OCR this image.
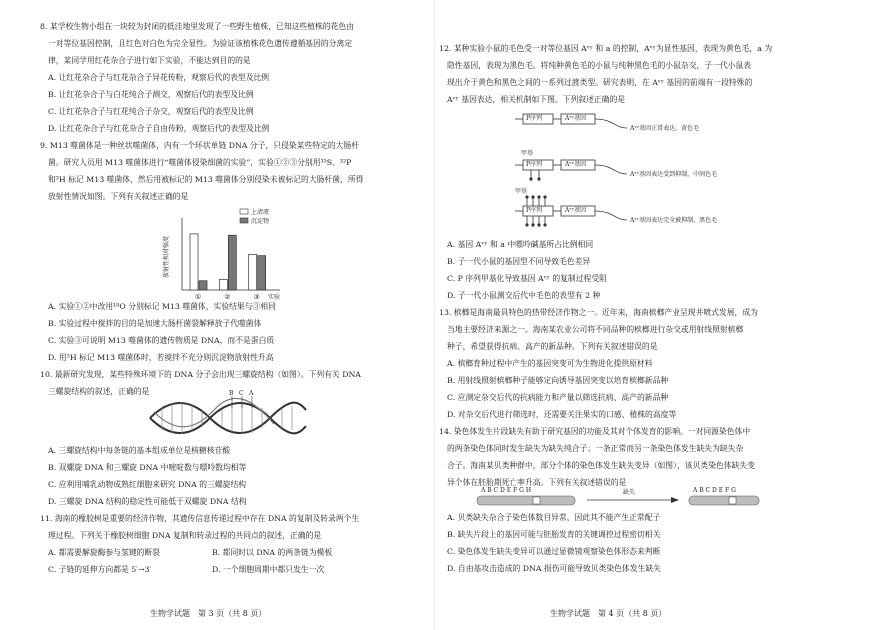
8. 某学校生物小组在一块较为封闭的低洼地里发现了一些野生植株，已知这些植株的花色由
一对等位基因控制，且红色对白色为完全显性。为验证该植株花色遗传遵循基因的分离定
律，某同学用红花杂合子进行如下实验，不能达到目的的是
A. 让红花杂合子与红花杂合子异花传粉，观察后代的表型及比例
B. 让红花杂合子与白花纯合子测交，观察后代的表型及比例
C. 让红花杂合子与红花纯合子杂交，观察后代的表型及比例
D. 让红花杂合子与红花杂合子自由传粉，观察后代的表型及比例
9. M13 噬菌体是一种丝状噬菌体，内有一个环状单链 DNA 分子，只侵染某些特定的大肠杆
菌。研究人员用 M13 噬菌体进行“噬菌体侵染细菌的实验”，实验①②③分别用³⁵S、³²P
和³H 标记 M13 噬菌体，然后用被标记的 M13 噬菌体分别侵染未被标记的大肠杆菌，所得
放射性情况如图。下列有关叙述正确的是
放射性相对强度
①	②	③ 实验
上清液
沉淀物
A. 实验①②中改用¹⁸O 分别标记 M13 噬菌体，实验结果与③相同
B. 实验过程中搅拌的目的是加速大肠杆菌裂解释放子代噬菌体
C. 实验③可说明 M13 噬菌体的遗传物质是 DNA，而不是蛋白质
D. 用³H 标记 M13 噬菌体时，若搅拌不充分则沉淀物放射性升高
10. 最新研究发现，某些特殊环境下的 DNA 分子会出现三螺旋结构（如图）。下列有关 DNA
三螺旋结构的叙述，正确的是	B C A
A. 三螺旋结构中每条链的基本组成单位是核糖核苷酸
B. 双螺旋 DNA 和三螺旋 DNA 中嘧啶数与嘌呤数均相等
C. 应利用哺乳动物成熟红细胞来研究 DNA 的三螺旋结构
D. 三螺旋 DNA 结构的稳定性可能低于双螺旋 DNA 结构
11. 海南的橡胶树是重要的经济作物，其遗传信息传递过程中存在 DNA 的复制及转录两个生
理过程。下列关于橡胶树细胞 DNA 复制和转录过程的共同点的叙述，正确的是
A. 都需要解旋酶参与氢键的断裂	B. 都同时以 DNA 的两条链为模板
C. 子链的延伸方向都是 5′→3′	D. 一个细胞周期中都只发生一次
生物学试题　第 3 页（共 8 页）
12. 某种实验小鼠的毛色受一对等位基因 Aᵛʸ 和 a 的控制，Aᵛʸ为显性基因，表现为黄色毛，a 为
隐性基因，表现为黑色毛。将纯种黄色毛的小鼠与纯种黑色毛的小鼠杂交，子一代小鼠表
现出介于黄色和黑色之间的一系列过渡类型。研究表明，在 Aᵛʸ 基因的前端有一段特殊的
Aᵛʸ 基因表达，相关机制如下图。下列叙述正确的是
P序列	Aᵛʸ基因
Aᵛʸ基因正常表达，黄色毛
甲基
P序列	Aᵛʸ基因
Aᵛʸ基因表达受到抑制，中间色毛
甲基
P序列	Aᵛʸ基因
Aᵛʸ基因表达完全被抑制，黑色毛
A. 基因 Aᵛʸ 和 a 中嘌呤碱基所占比例相同
B. 子一代小鼠的基因型不同导致毛色差异
C. P 序列甲基化导致基因 Aᵛʸ 的复制过程受阻
D. 子一代小鼠测交后代中毛色的表型有 2 种
13. 槟榔是海南最具特色的热带经济作物之一。近年来，海南槟榔产业呈现井喷式发展，成为
当地主要经济来源之一。海南某农业公司将不同品种的槟榔进行杂交或用射线照射槟榔
种子，希望获得抗病、高产的新品种。下列有关叙述错误的是
A. 槟榔育种过程中产生的基因突变可为生物进化提供原材料
B. 用射线照射槟榔种子能够定向诱导基因突变以培育槟榔新品种
C. 应测定杂交后代的抗病能力和产量以筛选抗病、高产的新品种
D. 对杂交后代进行筛选时，还需要关注果实的口感、植株的高度等
14. 染色体发生片段缺失有助于研究基因的功能及其对个体发育的影响。一对同源染色体中
的两条染色体同时发生缺失为缺失纯合子；一条正常而另一条染色体发生缺失为缺失杂
合子。海南某贝类种群中，部分个体的染色体发生缺失变异（如图），该贝类染色体缺失变
异个体在胚胎期死亡率升高。下列有关叙述错误的是
A B C D E F G H	缺失	A B C D E F G
A. 贝类缺失杂合子染色体数目异常，因此其不能产生正常配子
B. 缺失片段上的基因可能与胚胎发育的关键调控过程密切相关
C. 染色体发生缺失变异可以通过显微镜观察染色体形态来判断
D. 自由基攻击造成的 DNA 损伤可能导致贝类染色体发生缺失
生物学试题　第 4 页（共 8 页）
